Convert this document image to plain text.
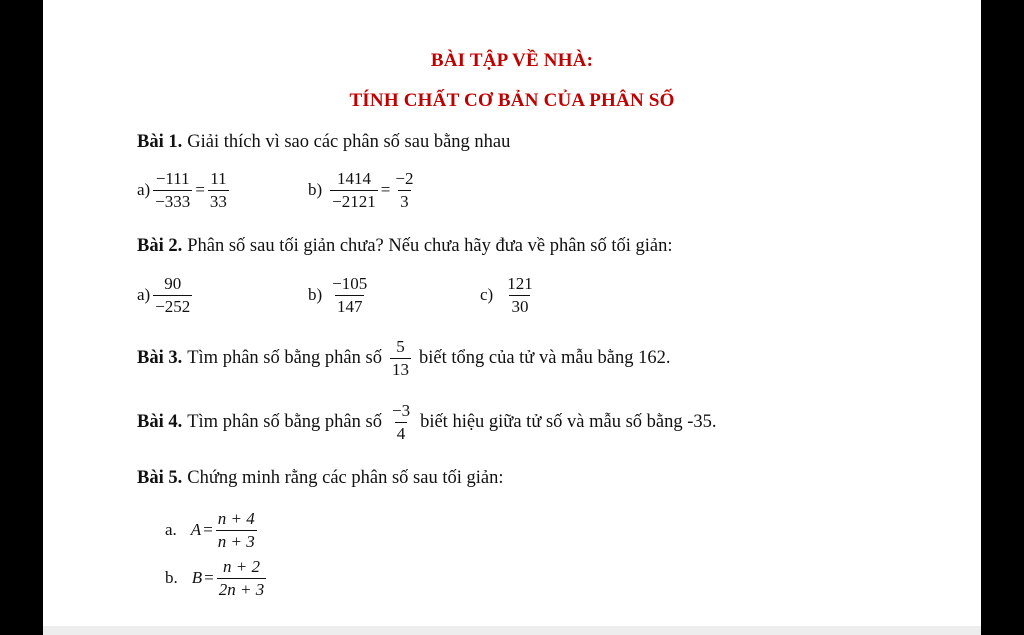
BÀI TẬP VỀ NHÀ:
TÍNH CHẤT CƠ BẢN CỦA PHÂN SỐ
Bài 1. Giải thích vì sao các phân số sau bằng nhau
$a) \frac{-111}{-333} = \frac{11}{33}$	$b) \frac{1414}{-2121} = \frac{-2}{3}$
Bài 2. Phân số sau tối giản chưa? Nếu chưa hãy đưa về phân số tối giản:
$a) \frac{90}{-252}$	$b) \frac{-105}{147}$	$c) \frac{121}{30}$
Bài 3. Tìm phân số bằng phân số $\frac{5}{13}$ biết tổng của tử và mẫu bằng 162.
Bài 4. Tìm phân số bằng phân số $\frac{-3}{4}$ biết hiệu giữa tử số và mẫu số bằng -35.
Bài 5. Chứng minh rằng các phân số sau tối giản:
a. $A = \frac{n + 4}{n + 3}$
b. $B = \frac{n + 2}{2n + 3}$
